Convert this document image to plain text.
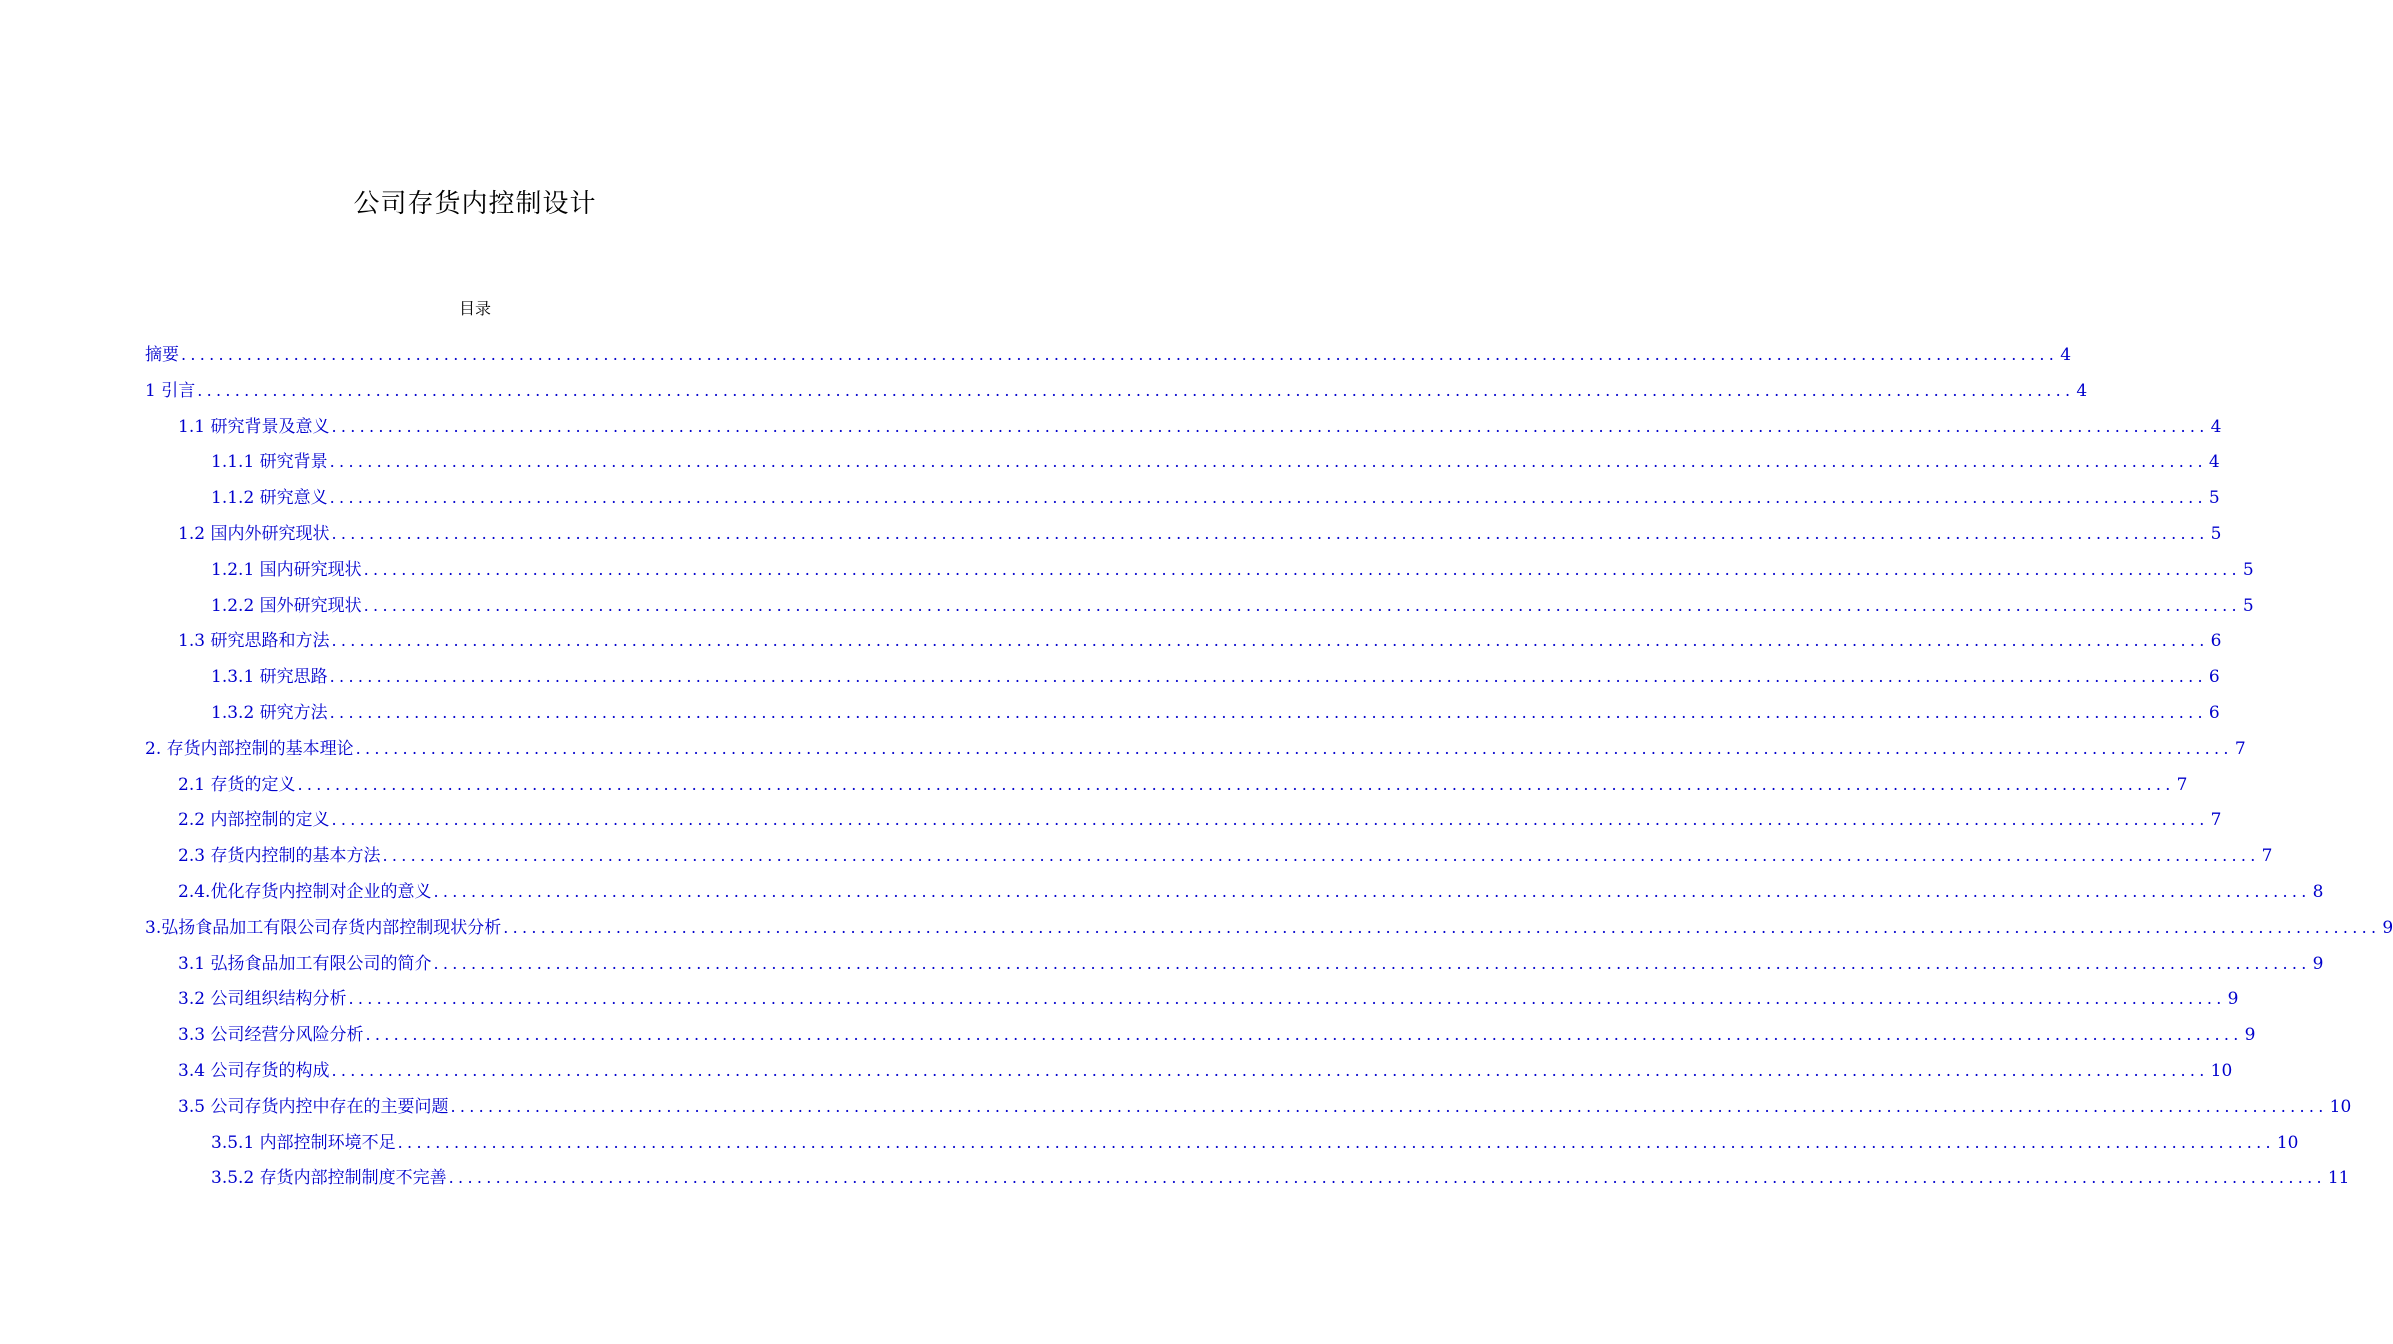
公司存货内控制设计
目录
摘要 ........................................................................................................................................................................................................ 4
1 引言 ........................................................................................................................................................................................................ 4
1.1 研究背景及意义 ........................................................................................................................................................................................................ 4
1.1.1 研究背景 ........................................................................................................................................................................................................ 4
1.1.2 研究意义 ........................................................................................................................................................................................................ 5
1.2 国内外研究现状 ........................................................................................................................................................................................................ 5
1.2.1 国内研究现状 ........................................................................................................................................................................................................ 5
1.2.2 国外研究现状 ........................................................................................................................................................................................................ 5
1.3 研究思路和方法 ........................................................................................................................................................................................................ 6
1.3.1 研究思路 ........................................................................................................................................................................................................ 6
1.3.2 研究方法 ........................................................................................................................................................................................................ 6
2. 存货内部控制的基本理论 ........................................................................................................................................................................................................ 7
2.1 存货的定义 ........................................................................................................................................................................................................ 7
2.2 内部控制的定义 ........................................................................................................................................................................................................ 7
2.3 存货内控制的基本方法 ........................................................................................................................................................................................................ 7
2.4.优化存货内控制对企业的意义 ........................................................................................................................................................................................................ 8
3.弘扬食品加工有限公司存货内部控制现状分析 ........................................................................................................................................................................................................ 9
3.1 弘扬食品加工有限公司的简介 ........................................................................................................................................................................................................ 9
3.2 公司组织结构分析 ........................................................................................................................................................................................................ 9
3.3 公司经营分风险分析 ........................................................................................................................................................................................................ 9
3.4 公司存货的构成 ........................................................................................................................................................................................................ 10
3.5 公司存货内控中存在的主要问题 ........................................................................................................................................................................................................ 10
3.5.1 内部控制环境不足 ........................................................................................................................................................................................................ 10
3.5.2 存货内部控制制度不完善 ........................................................................................................................................................................................................ 11
